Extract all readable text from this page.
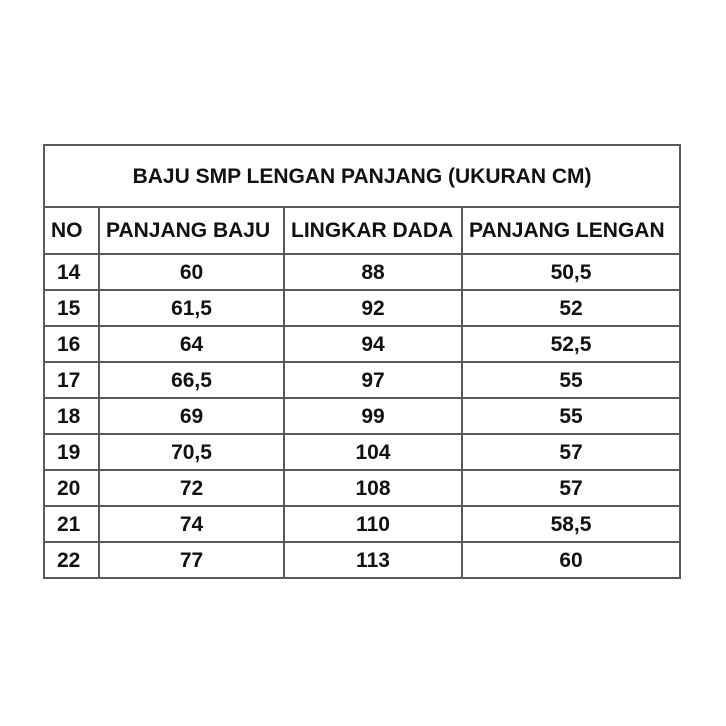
BAJU SMP LENGAN PANJANG (UKURAN CM)			
NO	PANJANG BAJU	LINGKAR DADA	PANJANG LENGAN
14	60	88	50,5
15	61,5	92	52
16	64	94	52,5
17	66,5	97	55
18	69	99	55
19	70,5	104	57
20	72	108	57
21	74	110	58,5
22	77	113	60
